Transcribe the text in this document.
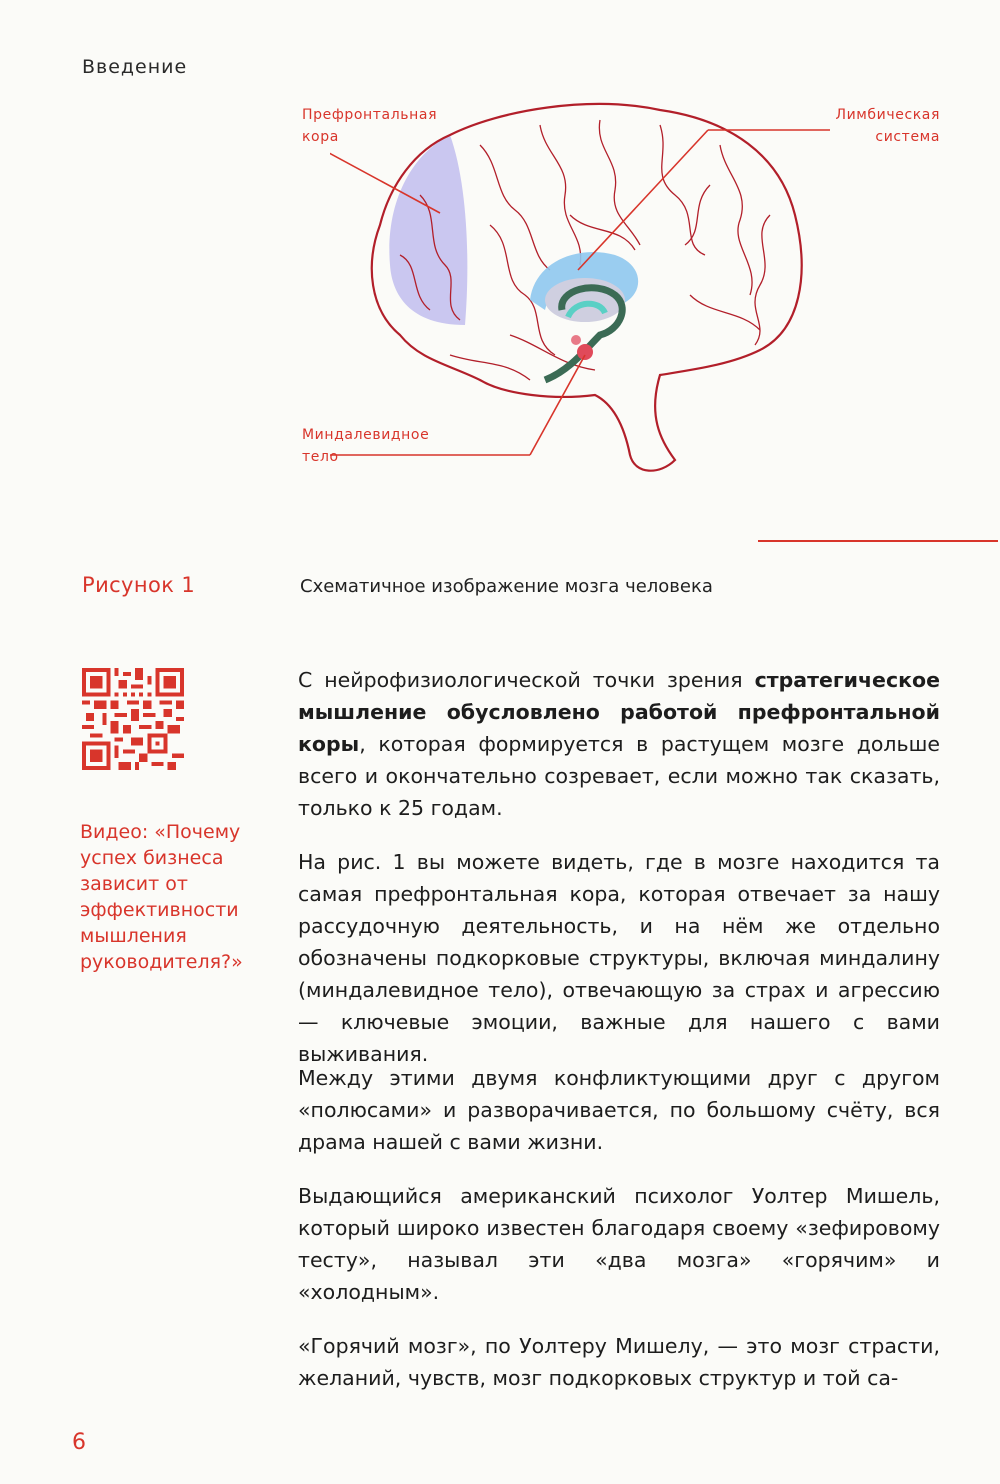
Введение
Префронтальная
кора
Лимбическая
система
Миндалевидное
тело
Рисунок 1	Схематичное изображение мозга человека
Видео: «Почему успех бизнеса зависит от эффективности мышления руководителя?»

С нейрофизиологической точки зрения стратегическое мышление обусловлено работой префронтальной коры, которая формируется в растущем мозге дольше всего и окончательно созревает, если можно так сказать, только к 25 годам.

На рис. 1 вы можете видеть, где в мозге находится та самая префронтальная кора, которая отвечает за нашу рассудочную деятельность, и на нём же отдельно обозначены подкорковые структуры, включая миндалину (миндалевидное тело), отвечающую за страх и агрессию — ключевые эмоции, важные для нашего с вами выживания.

Между этими двумя конфликтующими друг с другом «полюсами» и разворачивается, по большому счёту, вся драма нашей с вами жизни.

Выдающийся американский психолог Уолтер Мишель, который широко известен благодаря своему «зефировому тесту», называл эти «два мозга» «горячим» и «холодным».

«Горячий мозг», по Уолтеру Мишелу, — это мозг страсти, желаний, чувств, мозг подкорковых структур и той са-

6
